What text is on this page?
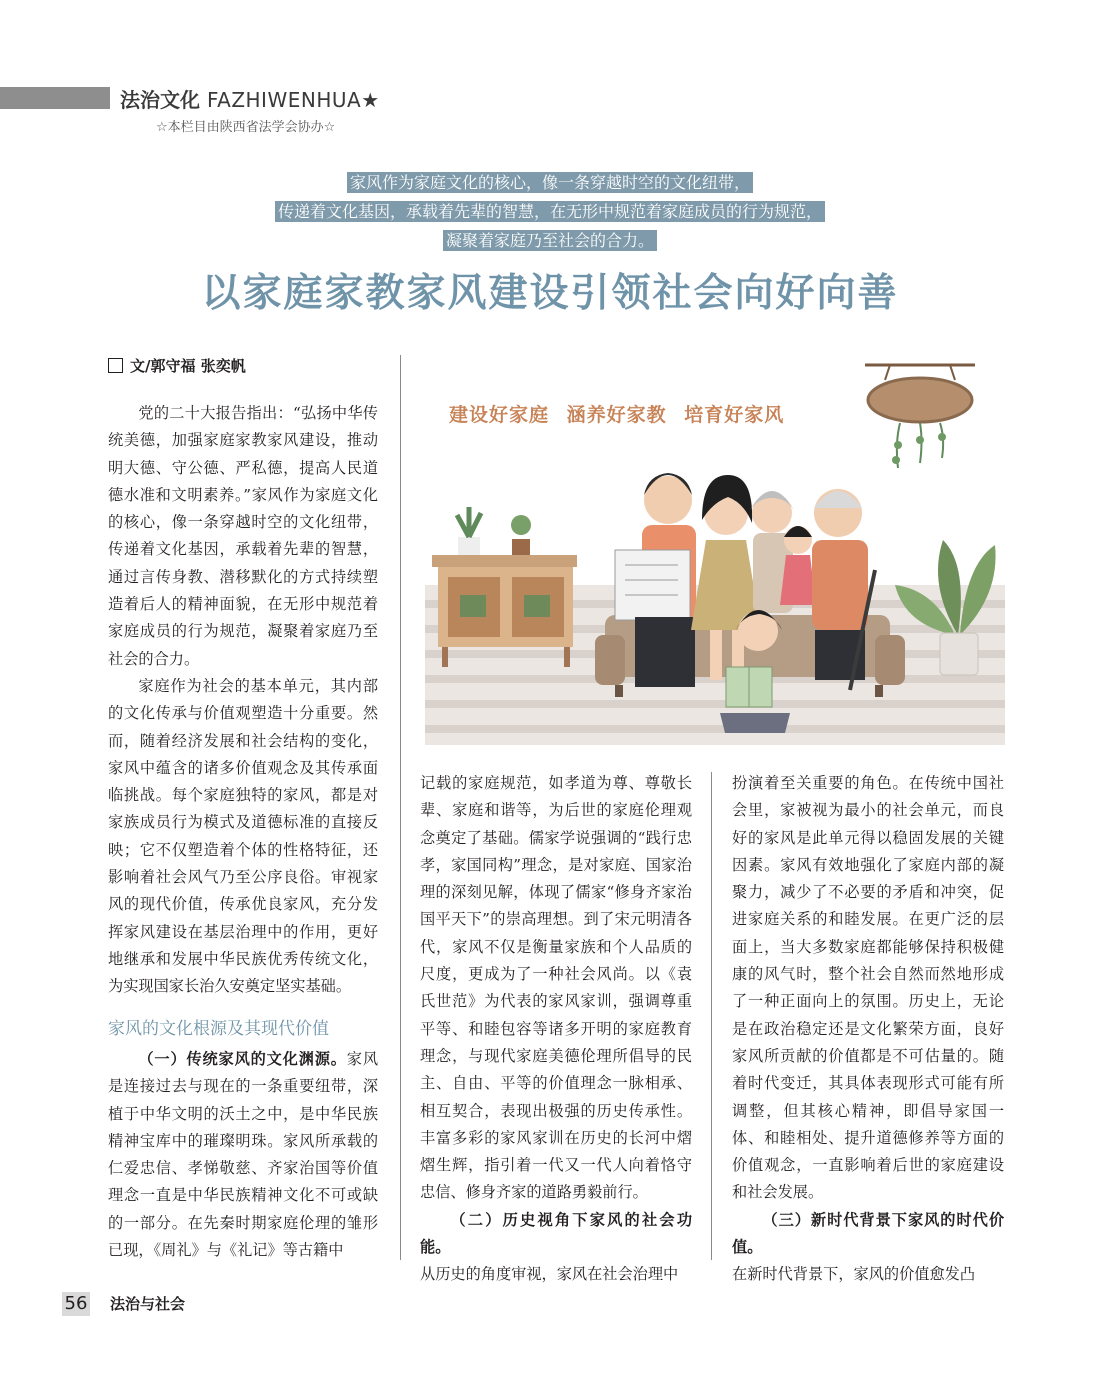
法治文化 FAZHIWENHUA★
☆本栏目由陕西省法学会协办☆
家风作为家庭文化的核心，像一条穿越时空的文化纽带，
传递着文化基因，承载着先辈的智慧，在无形中规范着家庭成员的行为规范，
凝聚着家庭乃至社会的合力。
以家庭家教家风建设引领社会向好向善
文/郭守福 张奕帆
建设好家庭 涵养好家教 培育好家风

党的二十大报告指出：“弘扬中华传统美德，加强家庭家教家风建设，推动明大德、守公德、严私德，提高人民道德水准和文明素养。”家风作为家庭文化的核心，像一条穿越时空的文化纽带，传递着文化基因，承载着先辈的智慧，通过言传身教、潜移默化的方式持续塑造着后人的精神面貌，在无形中规范着家庭成员的行为规范，凝聚着家庭乃至社会的合力。

家庭作为社会的基本单元，其内部的文化传承与价值观塑造十分重要。然而，随着经济发展和社会结构的变化，家风中蕴含的诸多价值观念及其传承面临挑战。每个家庭独特的家风，都是对家族成员行为模式及道德标准的直接反映；它不仅塑造着个体的性格特征，还影响着社会风气乃至公序良俗。审视家风的现代价值，传承优良家风，充分发挥家风建设在基层治理中的作用，更好地继承和发展中华民族优秀传统文化，为实现国家长治久安奠定坚实基础。

家风的文化根源及其现代价值

（一）传统家风的文化渊源。家风是连接过去与现在的一条重要纽带，深植于中华文明的沃土之中，是中华民族精神宝库中的璀璨明珠。家风所承载的仁爱忠信、孝悌敬慈、齐家治国等价值理念一直是中华民族精神文化不可或缺的一部分。在先秦时期家庭伦理的雏形已现，《周礼》与《礼记》等古籍中

记载的家庭规范，如孝道为尊、尊敬长辈、家庭和谐等，为后世的家庭伦理观念奠定了基础。儒家学说强调的“践行忠孝，家国同构”理念，是对家庭、国家治理的深刻见解，体现了儒家“修身齐家治国平天下”的崇高理想。到了宋元明清各代，家风不仅是衡量家族和个人品质的尺度，更成为了一种社会风尚。以《袁氏世范》为代表的家风家训，强调尊重平等、和睦包容等诸多开明的家庭教育理念，与现代家庭美德伦理所倡导的民主、自由、平等的价值理念一脉相承、相互契合，表现出极强的历史传承性。丰富多彩的家风家训在历史的长河中熠熠生辉，指引着一代又一代人向着恪守忠信、修身齐家的道路勇毅前行。

（二）历史视角下家风的社会功能。

从历史的角度审视，家风在社会治理中

扮演着至关重要的角色。在传统中国社会里，家被视为最小的社会单元，而良好的家风是此单元得以稳固发展的关键因素。家风有效地强化了家庭内部的凝聚力，减少了不必要的矛盾和冲突，促进家庭关系的和睦发展。在更广泛的层面上，当大多数家庭都能够保持积极健康的风气时，整个社会自然而然地形成了一种正面向上的氛围。历史上，无论是在政治稳定还是文化繁荣方面，良好家风所贡献的价值都是不可估量的。随着时代变迁，其具体表现形式可能有所调整，但其核心精神，即倡导家国一体、和睦相处、提升道德修养等方面的价值观念，一直影响着后世的家庭建设和社会发展。

（三）新时代背景下家风的时代价值。

在新时代背景下，家风的价值愈发凸

56 法治与社会
